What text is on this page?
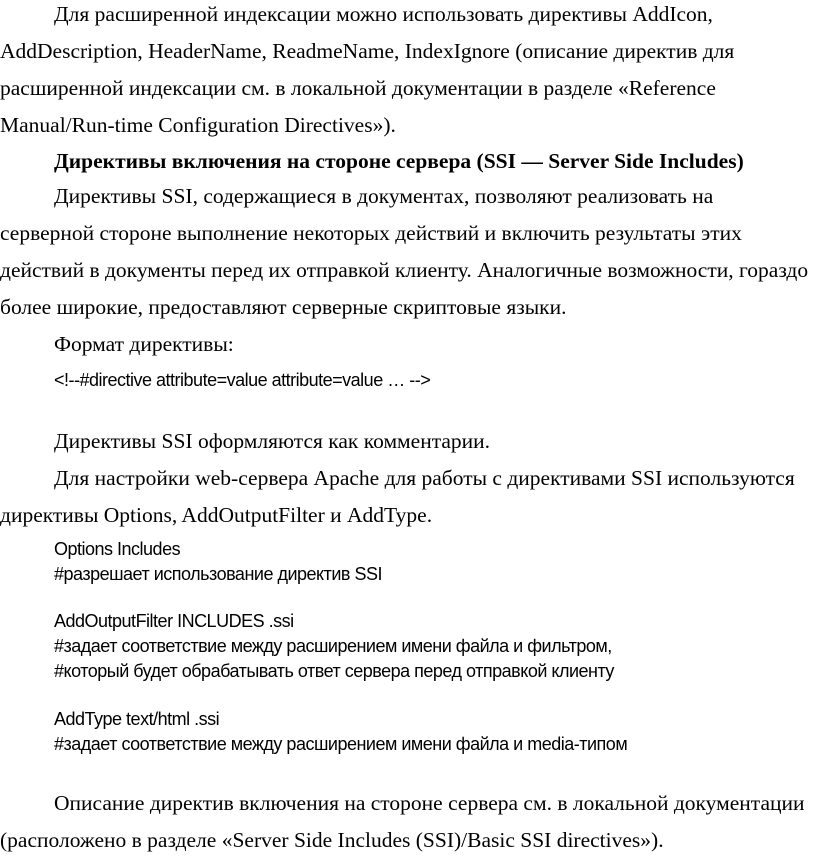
Для расширенной индексации можно использовать директивы AddIcon, AddDescription, HeaderName, ReadmeName, IndexIgnore (описание директив для расширенной индексации см. в локальной документации в разделе «Reference Manual/Run-time Configuration Directives»).

Директивы включения на стороне сервера (SSI — Server Side Includes)

Директивы SSI, содержащиеся в документах, позволяют реализовать на серверной стороне выполнение некоторых действий и включить результаты этих действий в документы перед их отправкой клиенту. Аналогичные возможности, гораздо более широкие, предоставляют серверные скриптовые языки.

Формат директивы:

<!--#directive attribute=value attribute=value … -->

Директивы SSI оформляются как комментарии.

Для настройки web-сервера Apache для работы с директивами SSI используются директивы Options, AddOutputFilter и AddType.

Options Includes

#разрешает использование директив SSI

AddOutputFilter INCLUDES .ssi

#задает соответствие между расширением имени файла и фильтром,

#который будет обрабатывать ответ сервера перед отправкой клиенту

AddType text/html .ssi

#задает соответствие между расширением имени файла и media-типом

Описание директив включения на стороне сервера см. в локальной документации (расположено в разделе «Server Side Includes (SSI)/Basic SSI directives»).
